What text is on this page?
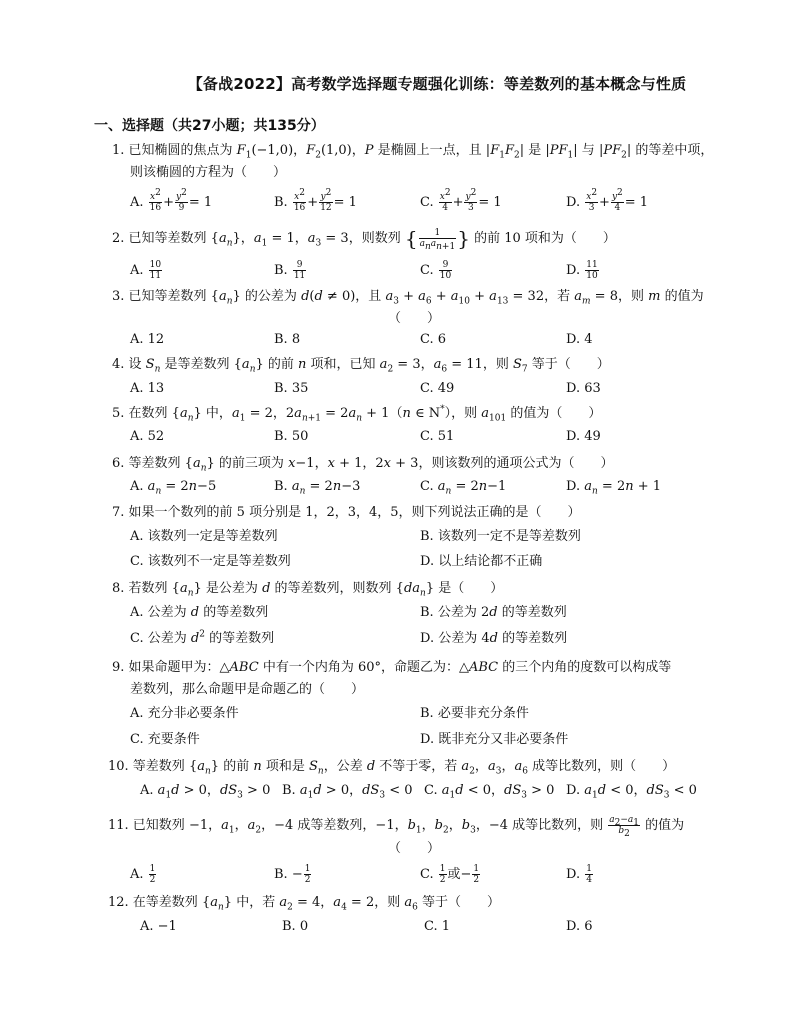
【备战2022】高考数学选择题专题强化训练：等差数列的基本概念与性质
一、选择题（共27小题；共135分）
1. 已知椭圆的焦点为 $F_1(-1,0)$，$F_2(1,0)$，P 是椭圆上一点，且 $|F_1F_2|$ 是 $|PF_1|$ 与 $|PF_2|$ 的等差中项，
则该椭圆的方程为（　　）
A. $\frac{x^2}{16} + \frac{y^2}{9} = 1$	B. $\frac{x^2}{16} + \frac{y^2}{12} = 1$	C. $\frac{x^2}{4} + \frac{y^2}{3} = 1$	D. $\frac{x^2}{3} + \frac{y^2}{4} = 1$
2. 已知等差数列 $\{a_n\}$，$a_1 = 1$，$a_3 = 3$，则数列 { $\frac{1}{a_na_{n+1}}$ } 的前 10 项和为（　　）
A. $\frac{10}{11}$	B. $\frac{9}{11}$	C. $\frac{9}{10}$	D. $\frac{11}{10}$
3. 已知等差数列 $\{a_n\}$ 的公差为 d(d ≠ 0)，且 $a_3 + a_6 + a_{10} + a_{13} = 32$，若 $a_m = 8$，则 m 的值为
（　　）
A. 12	B. 8	C. 6	D. 4
4. 设 $S_n$ 是等差数列 $\{a_n\}$ 的前 n 项和，已知 $a_2 = 3$，$a_6 = 11$，则 $S_7$ 等于（　　）
A. 13	B. 35	C. 49	D. 63
5. 在数列 $\{a_n\}$ 中，$a_1 = 2$，$2a_{n+1} = 2a_n + 1(n$ ∈ N*），则 $a_{101}$ 的值为（　　）
A. 52	B. 50	C. 51	D. 49
6. 等差数列 $\{a_n\}$ 的前三项为 x−1，x + 1，2x + 3，则该数列的通项公式为（　　）
A. $a_n = 2n-5$	B. $a_n = 2n-3$	C. $a_n = 2n-1$	D. $a_n = 2n + 1$
7. 如果一个数列的前 5 项分别是 1，2，3，4，5，则下列说法正确的是（　　）
A. 该数列一定是等差数列	B. 该数列一定不是等差数列
C. 该数列不一定是等差数列	D. 以上结论都不正确
8. 若数列 $\{a_n\}$ 是公差为 d 的等差数列，则数列 $\{da_n\}$ 是（　　）
A. 公差为 d 的等差数列	B. 公差为 2d 的等差数列
C. 公差为 $d^2$ 的等差数列	D. 公差为 4d 的等差数列
9. 如果命题甲为：△ABC 中有一个内角为 60°，命题乙为：△ABC 的三个内角的度数可以构成等
差数列，那么命题甲是命题乙的（　　）
A. 充分非必要条件	B. 必要非充分条件
C. 充要条件	D. 既非充分又非必要条件
10. 等差数列 $\{a_n\}$ 的前 n 项和是 $S_n$，公差 d 不等于零，若 $a_2$，$a_3$，$a_6$ 成等比数列，则（　　）
A. $a_1d > 0$，$dS_3 > 0$ B. $a_1d > 0$，$dS_3 < 0$ C. $a_1d < 0$，$dS_3 > 0$ D. $a_1d < 0$，$dS_3 < 0$
11. 已知数列 −1，$a_1$，$a_2$，−4 成等差数列，−1，$b_1$，$b_2$，$b_3$，−4 成等比数列，则 $\frac{a_2-a_1}{b_2}$ 的值为
（　　）
A. $\frac{1}{2}$	B. − $\frac{1}{2}$	C. $\frac{1}{2}$ 或− $\frac{1}{2}$	D. $\frac{1}{4}$
12. 在等差数列 $\{a_n\}$ 中，若 $a_2 = 4$，$a_4 = 2$，则 $a_6$ 等于（　　）
A. −1	B. 0	C. 1	D. 6
